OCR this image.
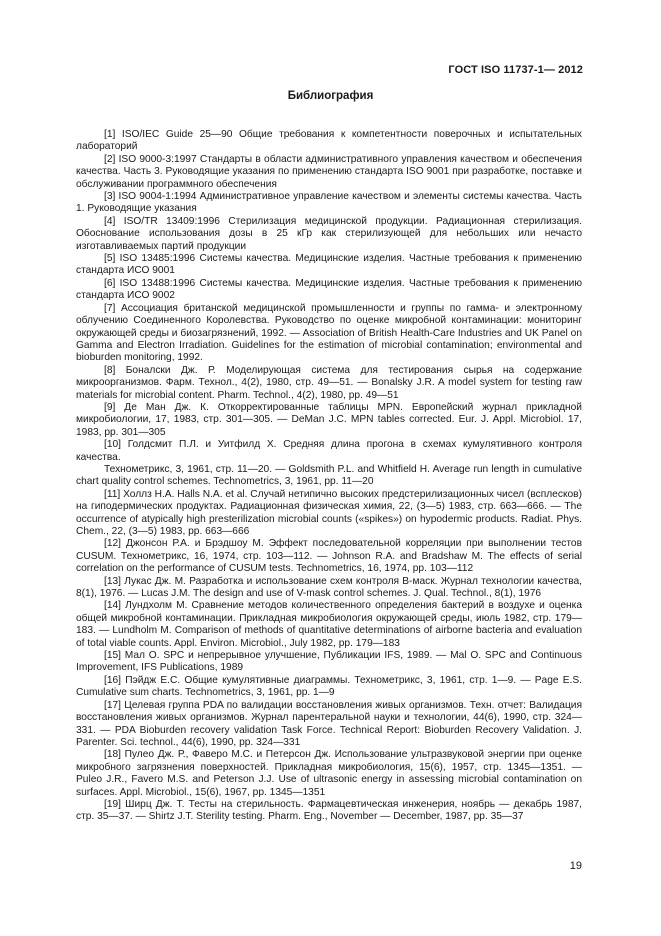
ГОСТ ISO 11737-1— 2012
Библиография

[1] ISO/IEC Guide 25—90 Общие требования к компетентности поверочных и испытательных лабораторий

[2] ISO 9000-3:1997 Стандарты в области административного управления качеством и обеспечения качества. Часть 3. Руководящие указания по применению стандарта ISO 9001 при разработке, поставке и обслуживании программного обеспечения

[3] ISO 9004-1:1994 Административное управление качеством и элементы системы качества. Часть 1. Руководящие указания

[4] ISO/TR 13409:1996 Стерилизация медицинской продукции. Радиационная стерилизация. Обоснование использования дозы в 25 кГр как стерилизующей для небольших или нечасто изготавливаемых партий продукции

[5] ISO 13485:1996 Системы качества. Медицинские изделия. Частные требования к применению стандарта ИСО 9001

[6] ISO 13488:1996 Системы качества. Медицинские изделия. Частные требования к применению стандарта ИСО 9002

[7] Ассоциация британской медицинской промышленности и группы по гамма- и электронному облучению Соединенного Королевства. Руководство по оценке микробной контаминации: мониторинг окружающей среды и биозагрязнений, 1992. — Association of British Health-Care Industries and UK Panel on Gamma and Electron Irradiation. Guidelines for the estimation of microbial contamination; environmental and bioburden monitoring, 1992.

[8] Боналски Дж. Р. Моделирующая система для тестирования сырья на содержание микроорганизмов. Фарм. Технол., 4(2), 1980, стр. 49—51. — Bonalsky J.R. A model system for testing raw materials for microbial content. Pharm. Technol., 4(2), 1980, pp. 49—51

[9] Де Ман Дж. К. Откорректированные таблицы MPN. Европейский журнал прикладной микробиологии, 17, 1983, стр. 301—305. — DeMan J.C. MPN tables corrected. Eur. J. Appl. Microbiol. 17, 1983, pp. 301—305

[10] Голдсмит П.Л. и Уитфилд Х. Средняя длина прогона в схемах кумулятивного контроля качества.

Технометрикс, 3, 1961, стр. 11—20. — Goldsmith P.L. and Whitfield H. Average run length in cumulative chart quality control schemes. Technometrics, 3, 1961, pp. 11—20

[11] Холлз Н.А. Halls N.A. et al. Случай нетипично высоких предстерилизационных чисел (всплесков) на гиподермических продуктах. Радиационная физическая химия, 22, (3—5) 1983, стр. 663—666. — The occurrence of atypically high presterilization microbial counts («spikes») on hypodermic products. Radiat. Phys. Chem., 22, (3—5) 1983, pp. 663—666

[12] Джонсон Р.А. и Брэдшоу М. Эффект последовательной корреляции при выполнении тестов CUSUM. Технометрикс, 16, 1974, стр. 103—112. — Johnson R.A. and Bradshaw M. The effects of serial correlation on the performance of CUSUM tests. Technometrics, 16, 1974, pp. 103—112

[13] Лукас Дж. М. Разработка и использование схем контроля В-маск. Журнал технологии качества, 8(1), 1976. — Lucas J.M. The design and use of V-mask control schemes. J. Qual. Technol., 8(1), 1976

[14] Лундхолм М. Сравнение методов количественного определения бактерий в воздухе и оценка общей микробной контаминации. Прикладная микробиология окружающей среды, июль 1982, стр. 179—183. — Lundholm M. Comparison of methods of quantitative determinations of airborne bacteria and evaluation of total viable counts. Appl. Environ. Microbiol., July 1982, pp. 179—183

[15] Мал О. SPC и непрерывное улучшение, Публикации IFS, 1989. — Mal O. SPC and Continuous Improvement, IFS Publications, 1989

[16] Пэйдж Е.С. Общие кумулятивные диаграммы. Технометрикс, 3, 1961, стр. 1—9. — Page E.S. Cumulative sum charts. Technometrics, 3, 1961, pp. 1—9

[17] Целевая группа PDA по валидации восстановления живых организмов. Техн. отчет: Валидация восстановления живых организмов. Журнал парентеральной науки и технологии, 44(6), 1990, стр. 324—331. — PDA Bioburden recovery validation Task Force. Technical Report: Bioburden Recovery Validation. J. Parenter. Sci. technol., 44(6), 1990, pp. 324—331

[18] Пулео Дж. Р., Фаверо М.С. и Петерсон Дж. Использование ультразвуковой энергии при оценке микробного загрязнения поверхностей. Прикладная микробиология, 15(6), 1957, стр. 1345—1351. — Puleo J.R., Favero M.S. and Peterson J.J. Use of ultrasonic energy in assessing microbial contamination on surfaces. Appl. Microbiol., 15(6), 1967, pp. 1345—1351

[19] Ширц Дж. Т. Тесты на стерильность. Фармацевтическая инженерия, ноябрь — декабрь 1987, стр. 35—37. — Shirtz J.T. Sterility testing. Pharm. Eng., November — December, 1987, pp. 35—37

19
